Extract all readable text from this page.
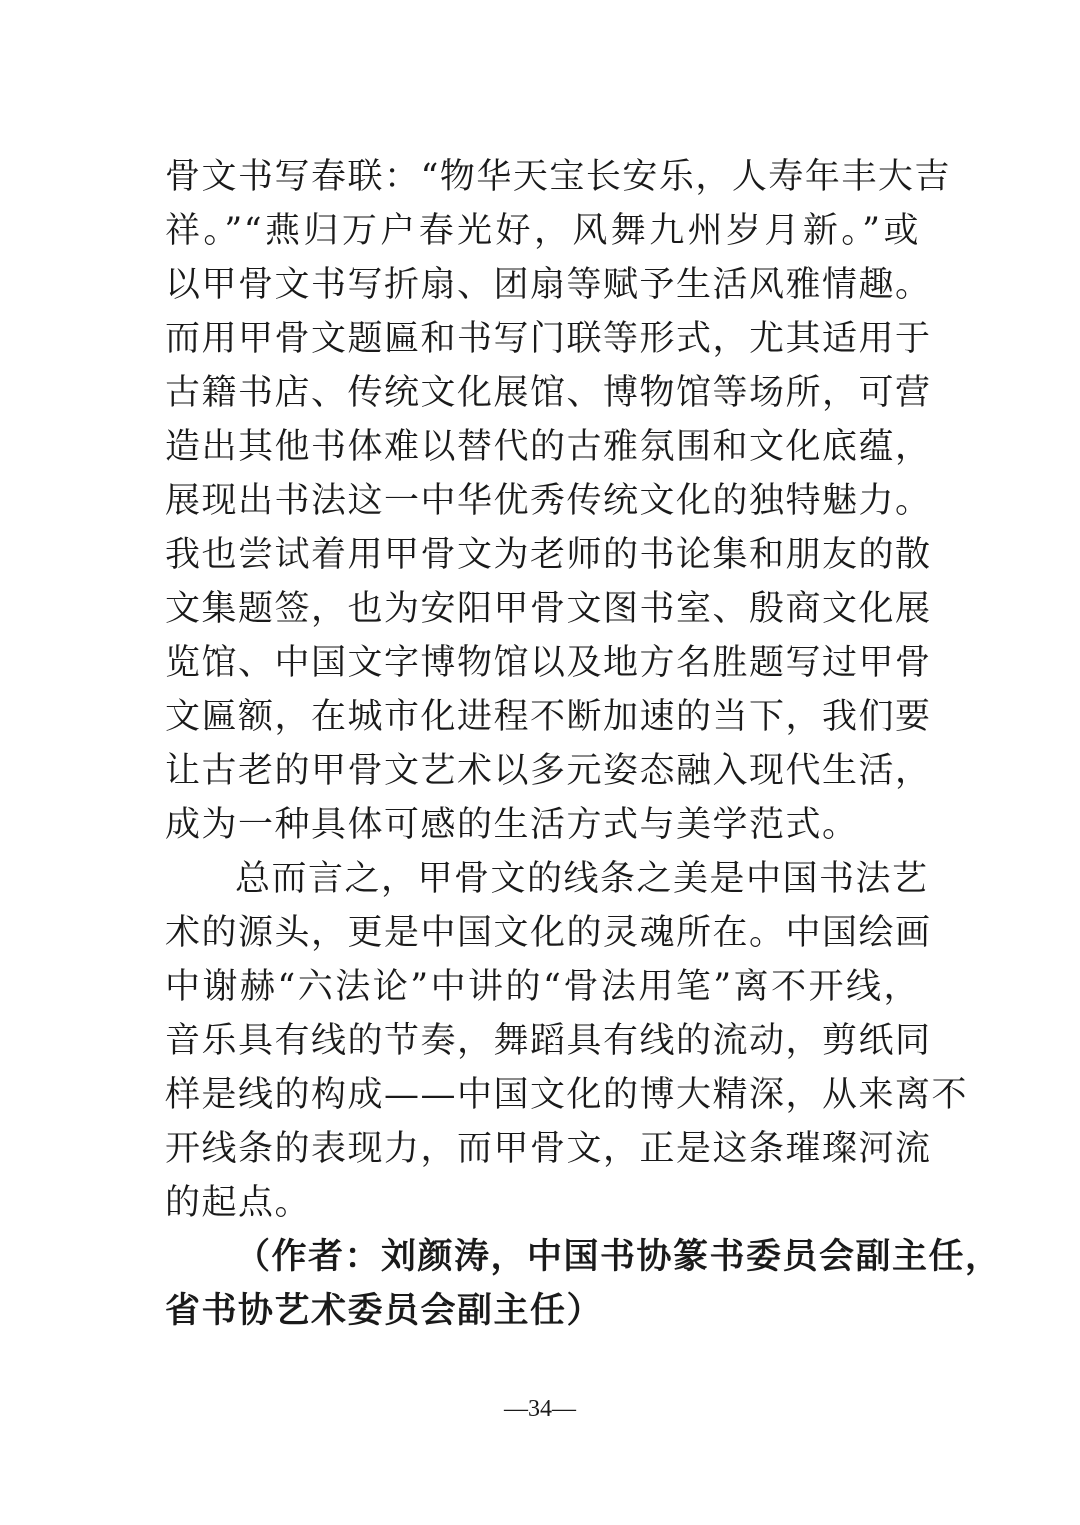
骨文书写春联：“物华天宝长安乐，人寿年丰大吉
祥。”“燕归万户春光好，风舞九州岁月新。”或
以甲骨文书写折扇、团扇等赋予生活风雅情趣。
而用甲骨文题匾和书写门联等形式，尤其适用于
古籍书店、传统文化展馆、博物馆等场所，可营
造出其他书体难以替代的古雅氛围和文化底蕴，
展现出书法这一中华优秀传统文化的独特魅力。
我也尝试着用甲骨文为老师的书论集和朋友的散
文集题签，也为安阳甲骨文图书室、殷商文化展
览馆、中国文字博物馆以及地方名胜题写过甲骨
文匾额，在城市化进程不断加速的当下，我们要
让古老的甲骨文艺术以多元姿态融入现代生活，
成为一种具体可感的生活方式与美学范式。
总而言之，甲骨文的线条之美是中国书法艺
术的源头，更是中国文化的灵魂所在。中国绘画
中谢赫“六法论”中讲的“骨法用笔”离不开线，
音乐具有线的节奏，舞蹈具有线的流动，剪纸同
样是线的构成——中国文化的博大精深，从来离不
开线条的表现力，而甲骨文，正是这条璀璨河流
的起点。
（作者：刘颜涛，中国书协篆书委员会副主任，
省书协艺术委员会副主任）
—34—
